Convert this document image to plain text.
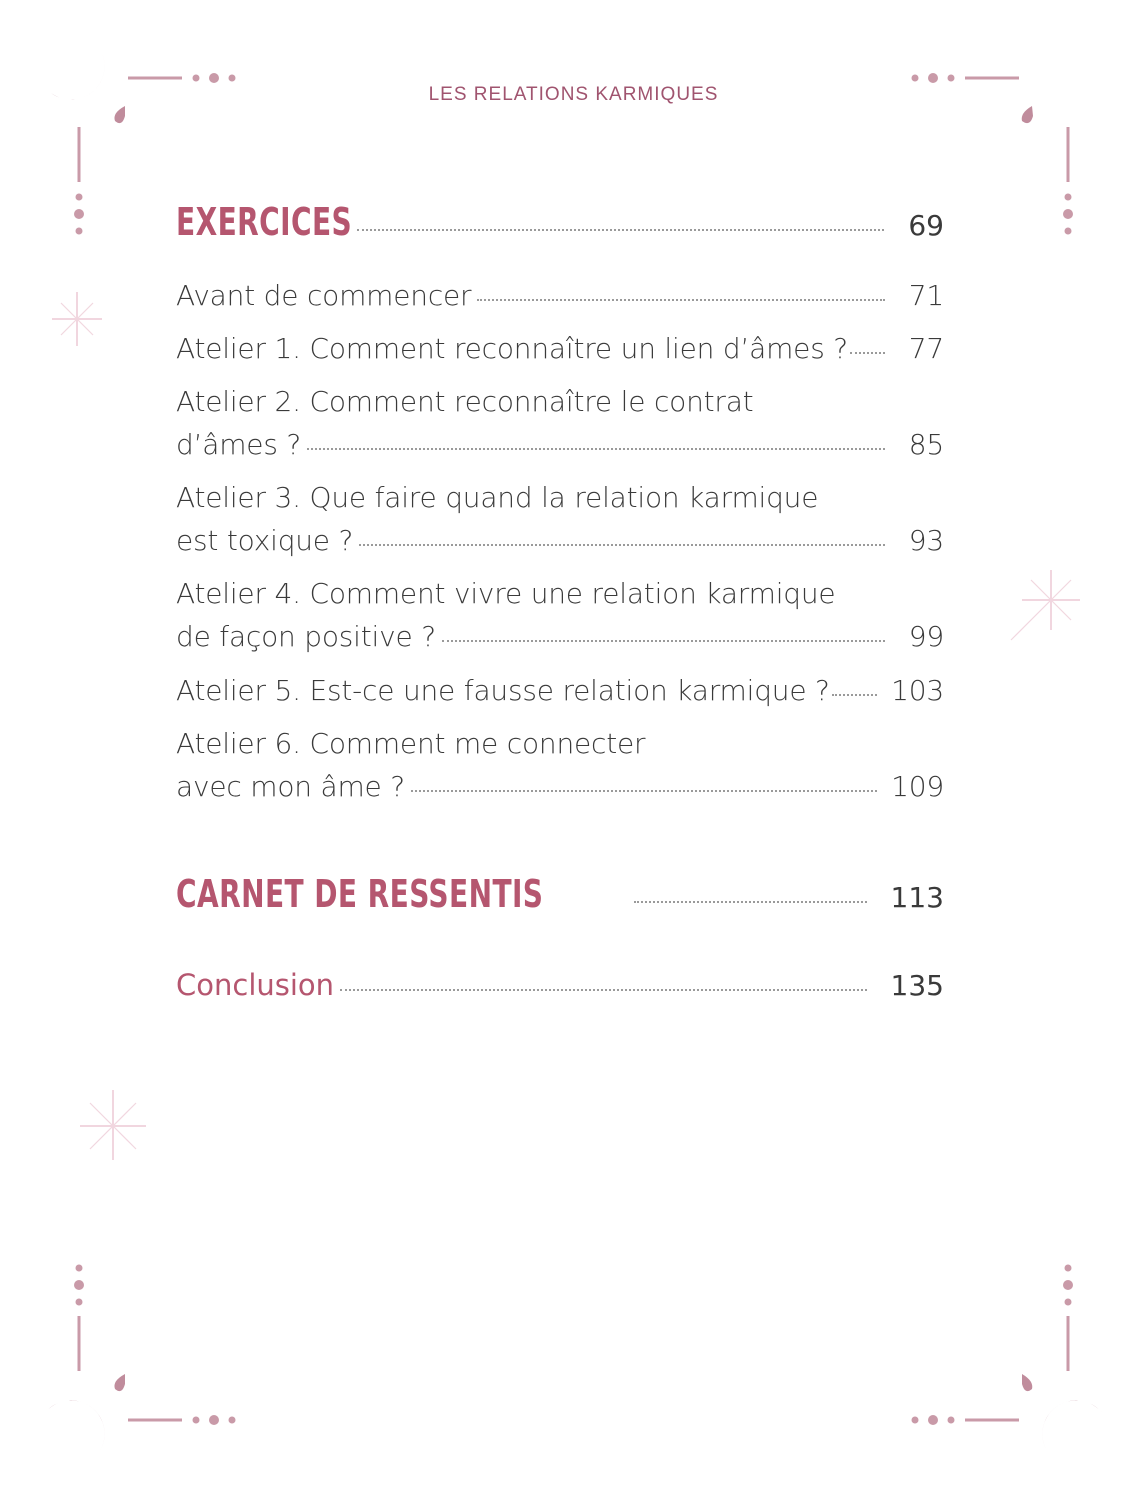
LES RELATIONS KARMIQUES
EXERCICES	69
Avant de commencer	71
Atelier 1. Comment reconnaître un lien d’âmes ? 77
Atelier 2. Comment reconnaître le contrat
d’âmes ?	85
Atelier 3. Que faire quand la relation karmique
est toxique ?	93
Atelier 4. Comment vivre une relation karmique
de façon positive ?	99
Atelier 5. Est-ce une fausse relation karmique ? 103
Atelier 6. Comment me connecter
avec mon âme ?	109
CARNET DE RESSENTIS	113
Conclusion	135
